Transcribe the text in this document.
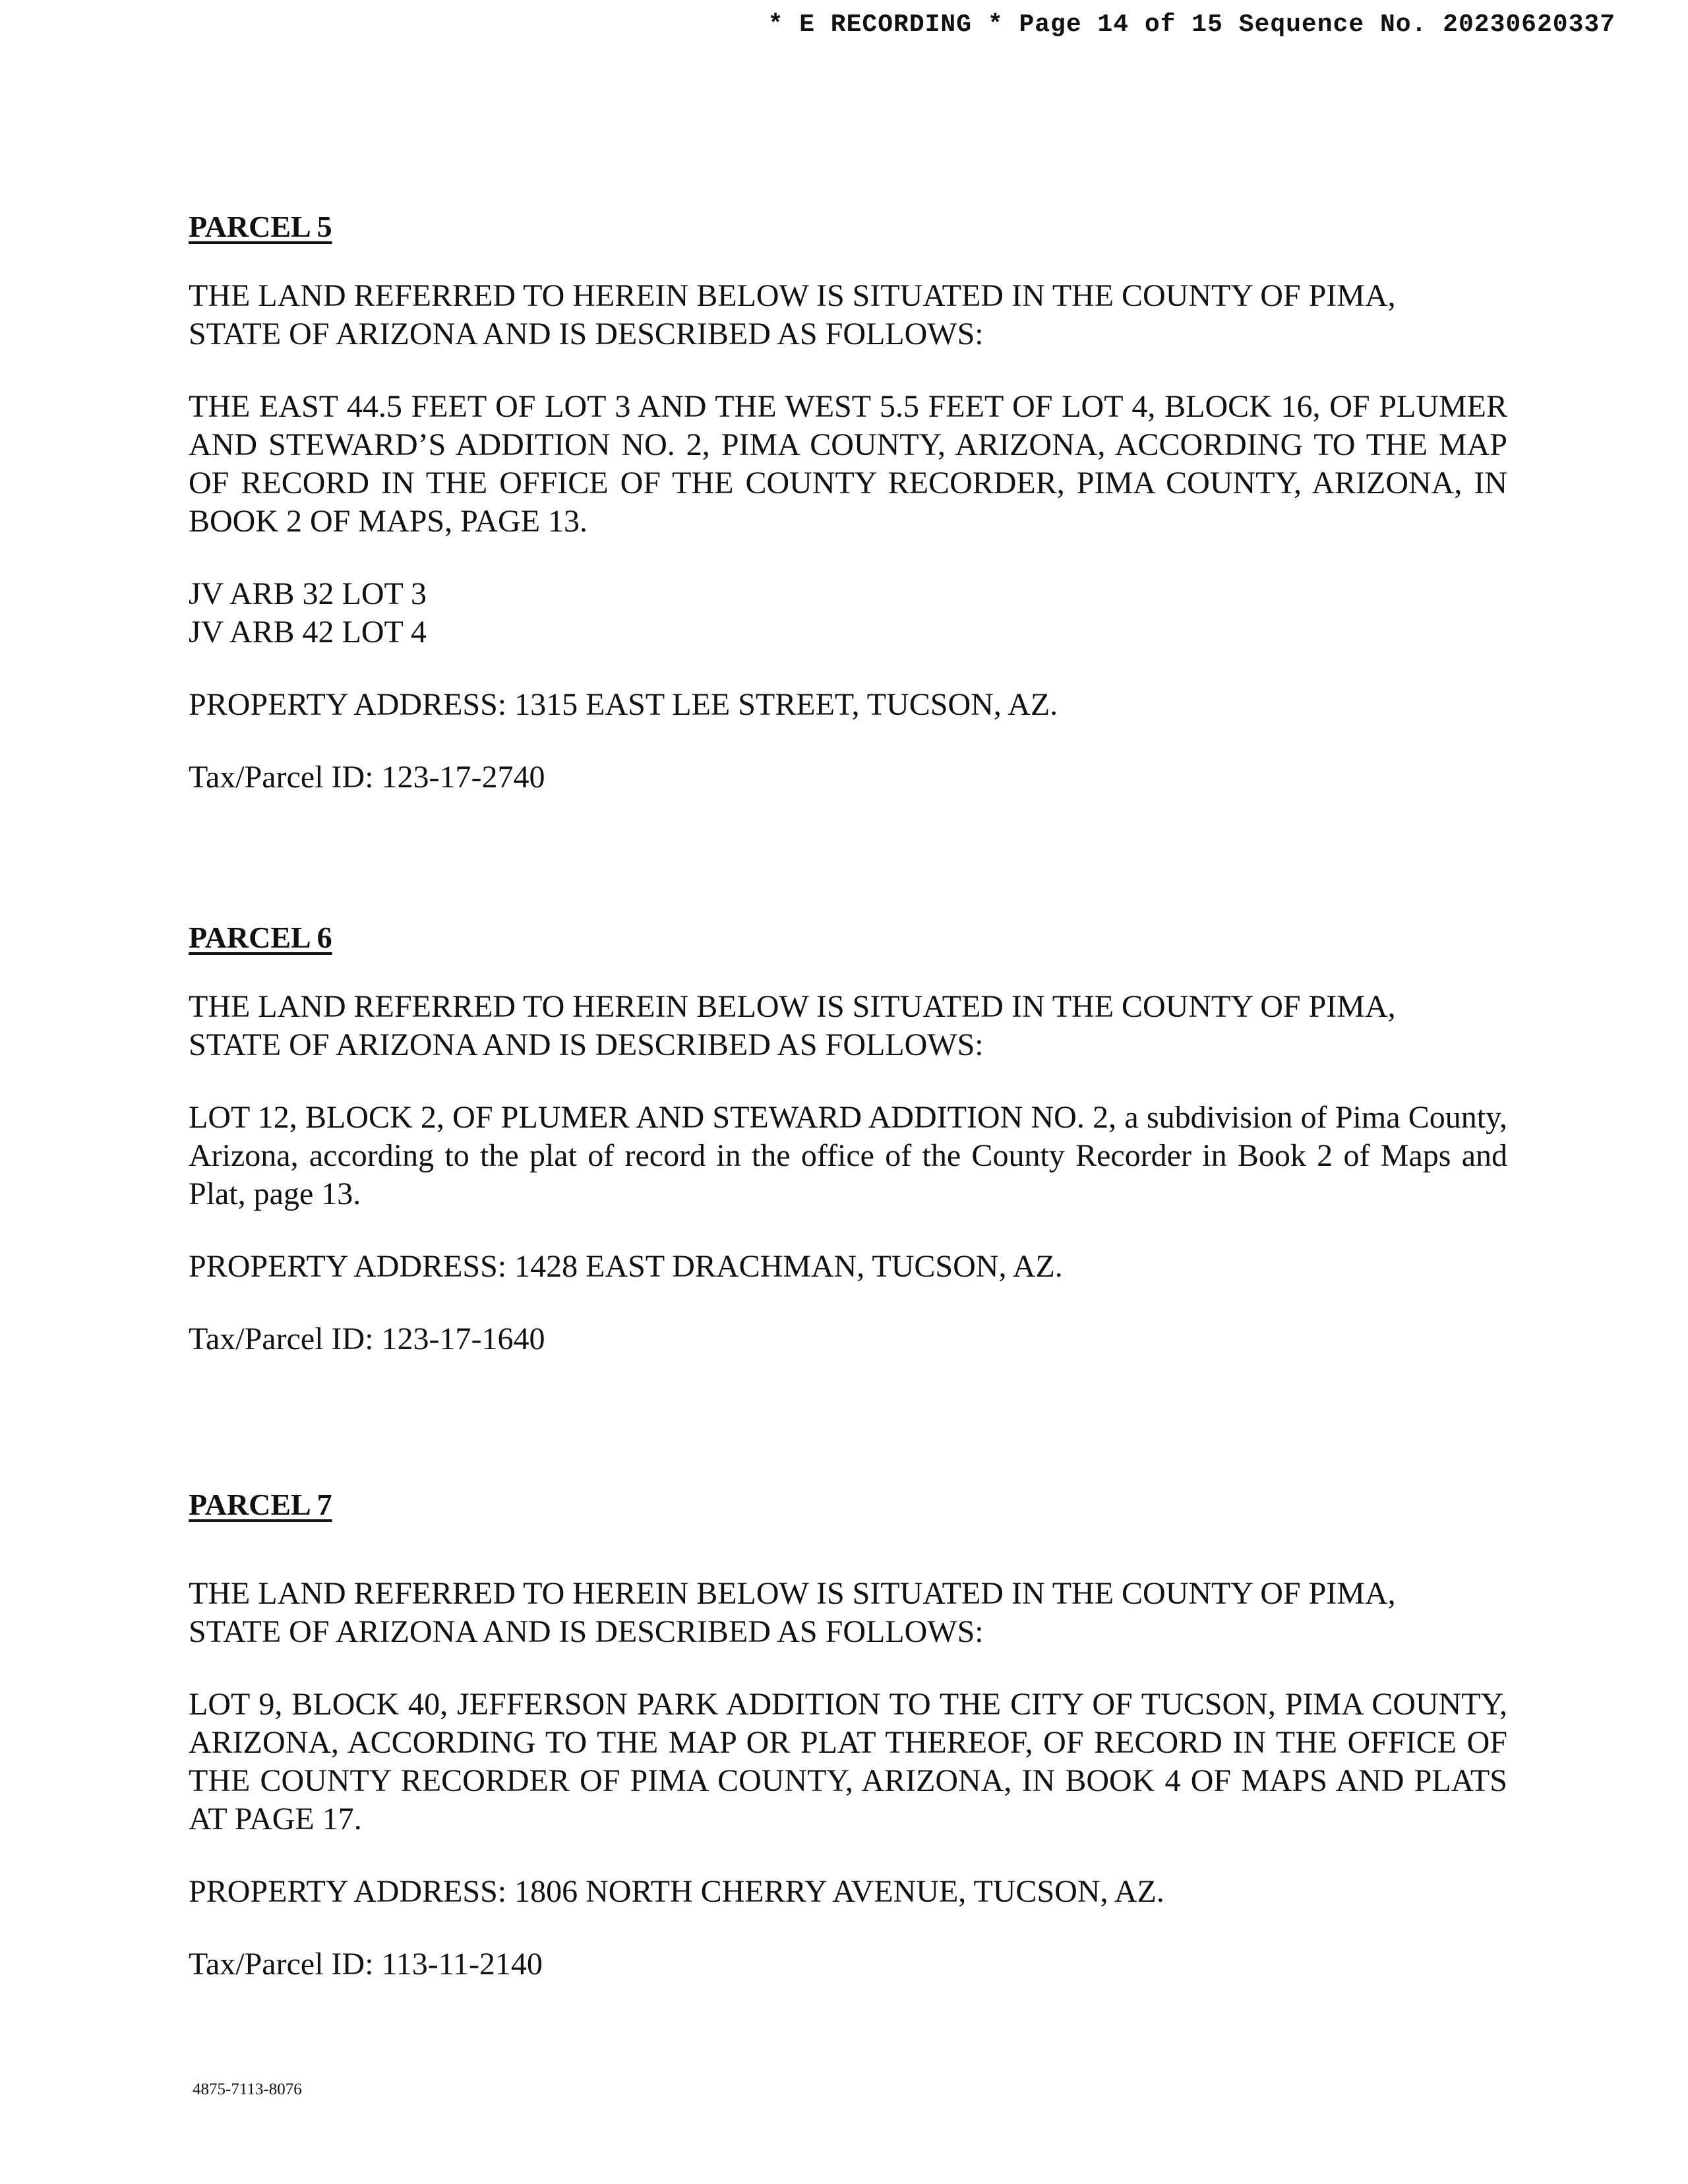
* E RECORDING * Page 14 of 15 Sequence No. 20230620337
PARCEL 5
THE LAND REFERRED TO HEREIN BELOW IS SITUATED IN THE COUNTY OF PIMA,
STATE OF ARIZONA AND IS DESCRIBED AS FOLLOWS:
THE EAST 44.5 FEET OF LOT 3 AND THE WEST 5.5 FEET OF LOT 4, BLOCK 16, OF PLUMER AND STEWARD’S ADDITION NO. 2, PIMA COUNTY, ARIZONA, ACCORDING TO THE MAP OF RECORD IN THE OFFICE OF THE COUNTY RECORDER, PIMA COUNTY, ARIZONA, IN BOOK 2 OF MAPS, PAGE 13.
JV ARB 32 LOT 3
JV ARB 42 LOT 4
PROPERTY ADDRESS: 1315 EAST LEE STREET, TUCSON, AZ.
Tax/Parcel ID: 123-17-2740
PARCEL 6
THE LAND REFERRED TO HEREIN BELOW IS SITUATED IN THE COUNTY OF PIMA,
STATE OF ARIZONA AND IS DESCRIBED AS FOLLOWS:
LOT 12, BLOCK 2, OF PLUMER AND STEWARD ADDITION NO. 2, a subdivision of Pima County, Arizona, according to the plat of record in the office of the County Recorder in Book 2 of Maps and Plat, page 13.
PROPERTY ADDRESS: 1428 EAST DRACHMAN, TUCSON, AZ.
Tax/Parcel ID: 123-17-1640
PARCEL 7
THE LAND REFERRED TO HEREIN BELOW IS SITUATED IN THE COUNTY OF PIMA,
STATE OF ARIZONA AND IS DESCRIBED AS FOLLOWS:
LOT 9, BLOCK 40, JEFFERSON PARK ADDITION TO THE CITY OF TUCSON, PIMA COUNTY, ARIZONA, ACCORDING TO THE MAP OR PLAT THEREOF, OF RECORD IN THE OFFICE OF THE COUNTY RECORDER OF PIMA COUNTY, ARIZONA, IN BOOK 4 OF MAPS AND PLATS AT PAGE 17.
PROPERTY ADDRESS: 1806 NORTH CHERRY AVENUE, TUCSON, AZ.
Tax/Parcel ID: 113-11-2140
4875-7113-8076
